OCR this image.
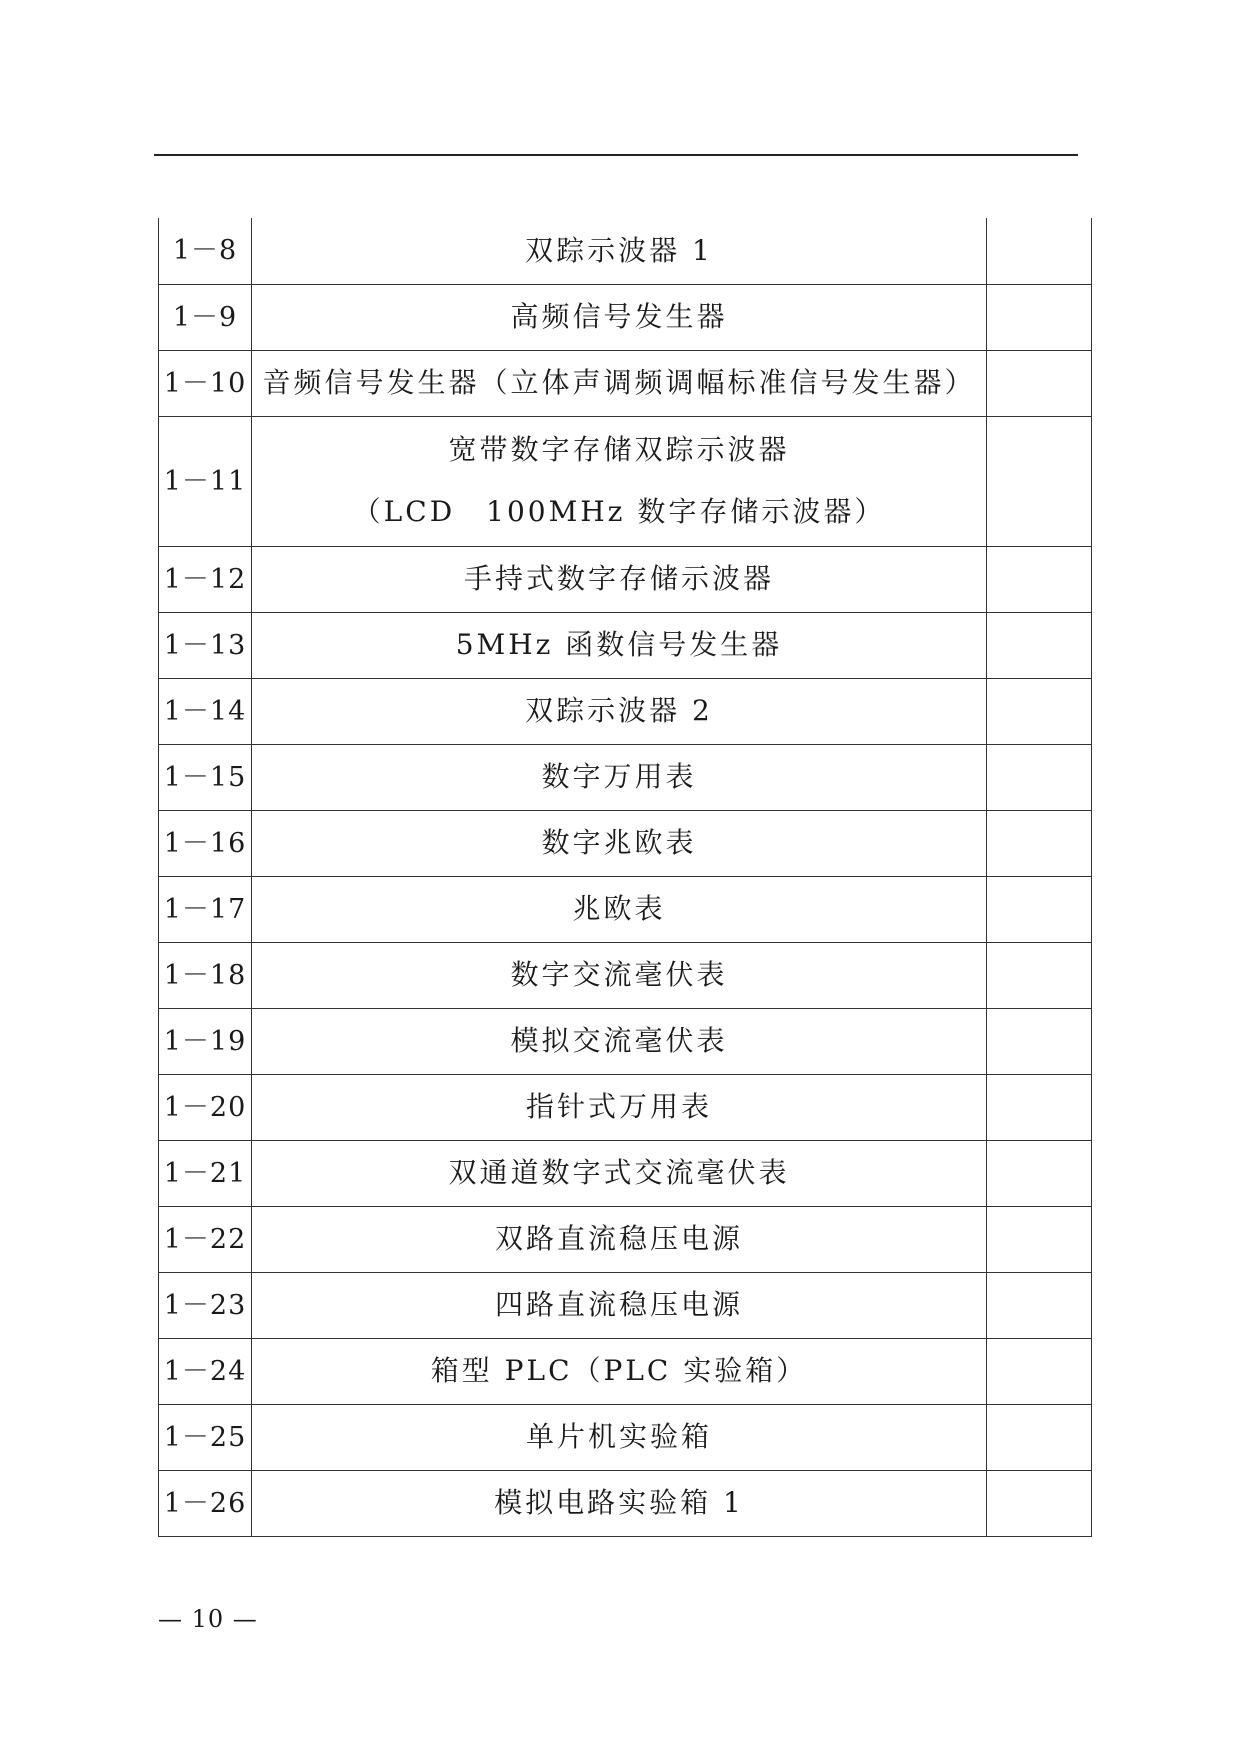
1－8	双踪示波器 1	

1－9	高频信号发生器	

1－10	音频信号发生器（立体声调频调幅标准信号发生器）	

1－11	宽带数字存储双踪示波器
（LCD　100MHz 数字存储示波器）	

1－12	手持式数字存储示波器	

1－13	5MHz 函数信号发生器	

1－14	双踪示波器 2	

1－15	数字万用表	

1－16	数字兆欧表	

1－17	兆欧表	

1－18	数字交流毫伏表	

1－19	模拟交流毫伏表	

1－20	指针式万用表	

1－21	双通道数字式交流毫伏表	

1－22	双路直流稳压电源	

1－23	四路直流稳压电源	

1－24	箱型 PLC（PLC 实验箱）	

1－25	单片机实验箱	

1－26	模拟电路实验箱 1	

— 10 —
